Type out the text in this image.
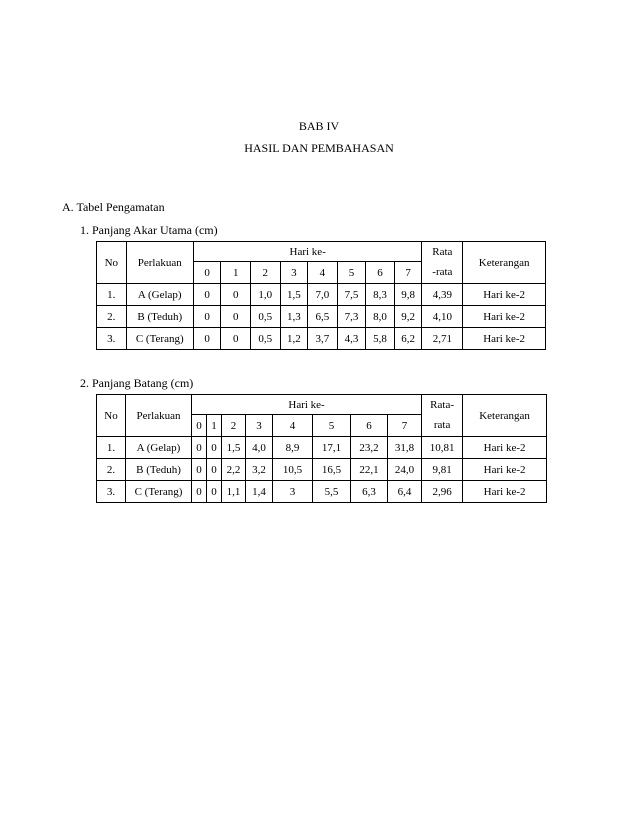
BAB IV
HASIL DAN PEMBAHASAN
A. Tabel Pengamatan
1. Panjang Akar Utama (cm)
No	Perlakuan	Hari ke-								Rata	Keterangan
		0	1	2	3	4	5	6	7	-rata	
1.	A (Gelap)	0	0	1,0	1,5	7,0	7,5	8,3	9,8	4,39	Hari ke-2
2.	B (Teduh)	0	0	0,5	1,3	6,5	7,3	8,0	9,2	4,10	Hari ke-2
3.	C (Terang)	0	0	0,5	1,2	3,7	4,3	5,8	6,2	2,71	Hari ke-2
2. Panjang Batang (cm)
No	Perlakuan	Hari ke-								Rata-	Keterangan
		0	1	2	3	4	5	6	7	rata	
1.	A (Gelap)	0	0	1,5	4,0	8,9	17,1	23,2	31,8	10,81	Hari ke-2
2.	B (Teduh)	0	0	2,2	3,2	10,5	16,5	22,1	24,0	9,81	Hari ke-2
3.	C (Terang)	0	0	1,1	1,4	3	5,5	6,3	6,4	2,96	Hari ke-2
